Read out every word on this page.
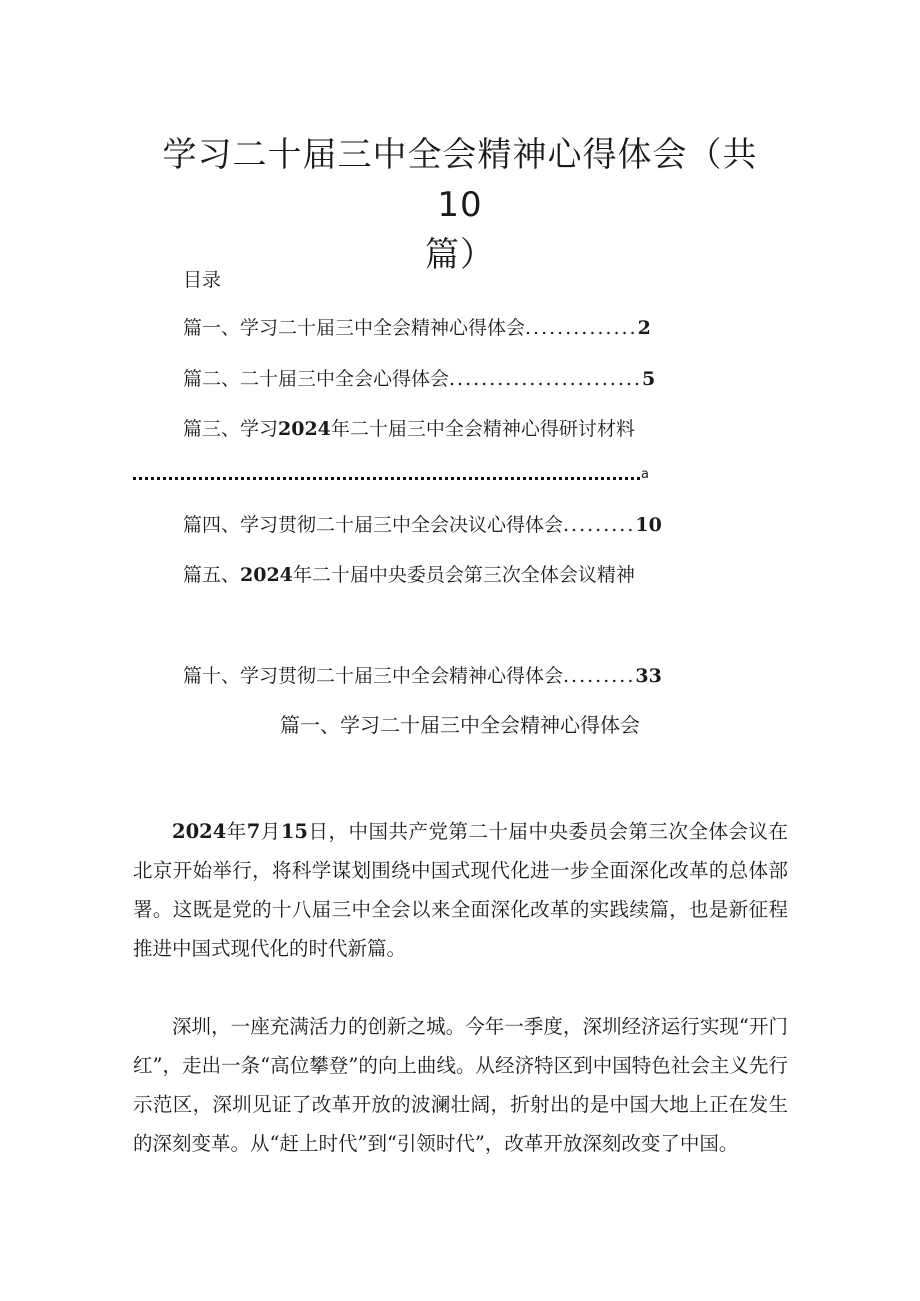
学习二十届三中全会精神心得体会（共10
篇）
目录
篇一、学习二十届三中全会精神心得体会..............2
篇二、二十届三中全会心得体会........................5
篇三、学习2024年二十届三中全会精神心得研讨材料
a
篇四、学习贯彻二十届三中全会决议心得体会.........10
篇五、2024年二十届中央委员会第三次全体会议精神
篇十、学习贯彻二十届三中全会精神心得体会.........33
篇一、学习二十届三中全会精神心得体会

2024年7月15日，中国共产党第二十届中央委员会第三次全体会议在北京开始举行，将科学谋划围绕中国式现代化进一步全面深化改革的总体部署。这既是党的十八届三中全会以来全面深化改革的实践续篇，也是新征程推进中国式现代化的时代新篇。

深圳，一座充满活力的创新之城。今年一季度，深圳经济运行实现“开门红”，走出一条“高位攀登”的向上曲线。从经济特区到中国特色社会主义先行示范区，深圳见证了改革开放的波澜壮阔，折射出的是中国大地上正在发生的深刻变革。从“赶上时代”到“引领时代”，改革开放深刻改变了中国。
